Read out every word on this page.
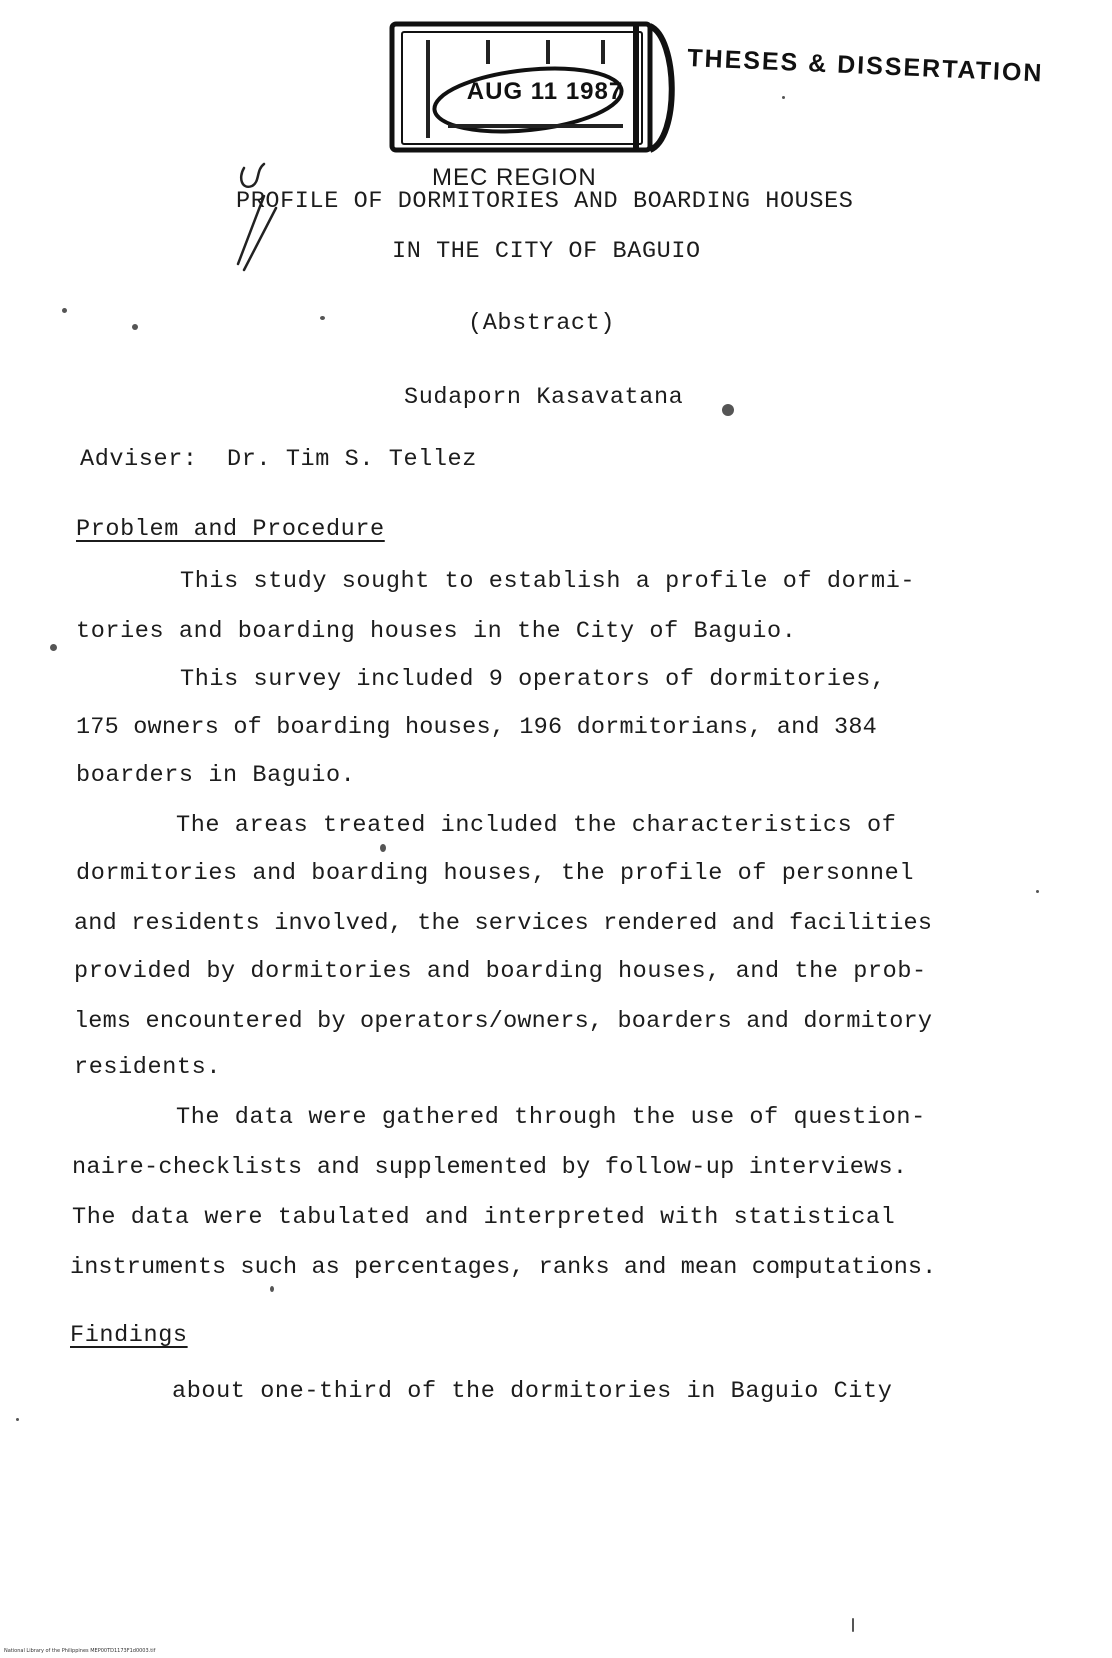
AUG 11 1987
THESES & DISSERTATION
MEC REGION
PROFILE OF DORMITORIES AND BOARDING HOUSES
IN THE CITY OF BAGUIO
(Abstract)
Sudaporn Kasavatana
Adviser:  Dr. Tim S. Tellez
Problem and Procedure
This study sought to establish a profile of dormi-
tories and boarding houses in the City of Baguio.
This survey included 9 operators of dormitories,
175 owners of boarding houses, 196 dormitorians, and 384
boarders in Baguio.
The areas treated included the characteristics of
dormitories and boarding houses, the profile of personnel
and residents involved, the services rendered and facilities
provided by dormitories and boarding houses, and the prob-
lems encountered by operators/owners, boarders and dormitory
residents.
The data were gathered through the use of question-
naire-checklists and supplemented by follow-up interviews.
The data were tabulated and interpreted with statistical
instruments such as percentages, ranks and mean computations.
Findings
about one-third of the dormitories in Baguio City
National Library of the Philippines MEP00TD1173F1d0003.tif
